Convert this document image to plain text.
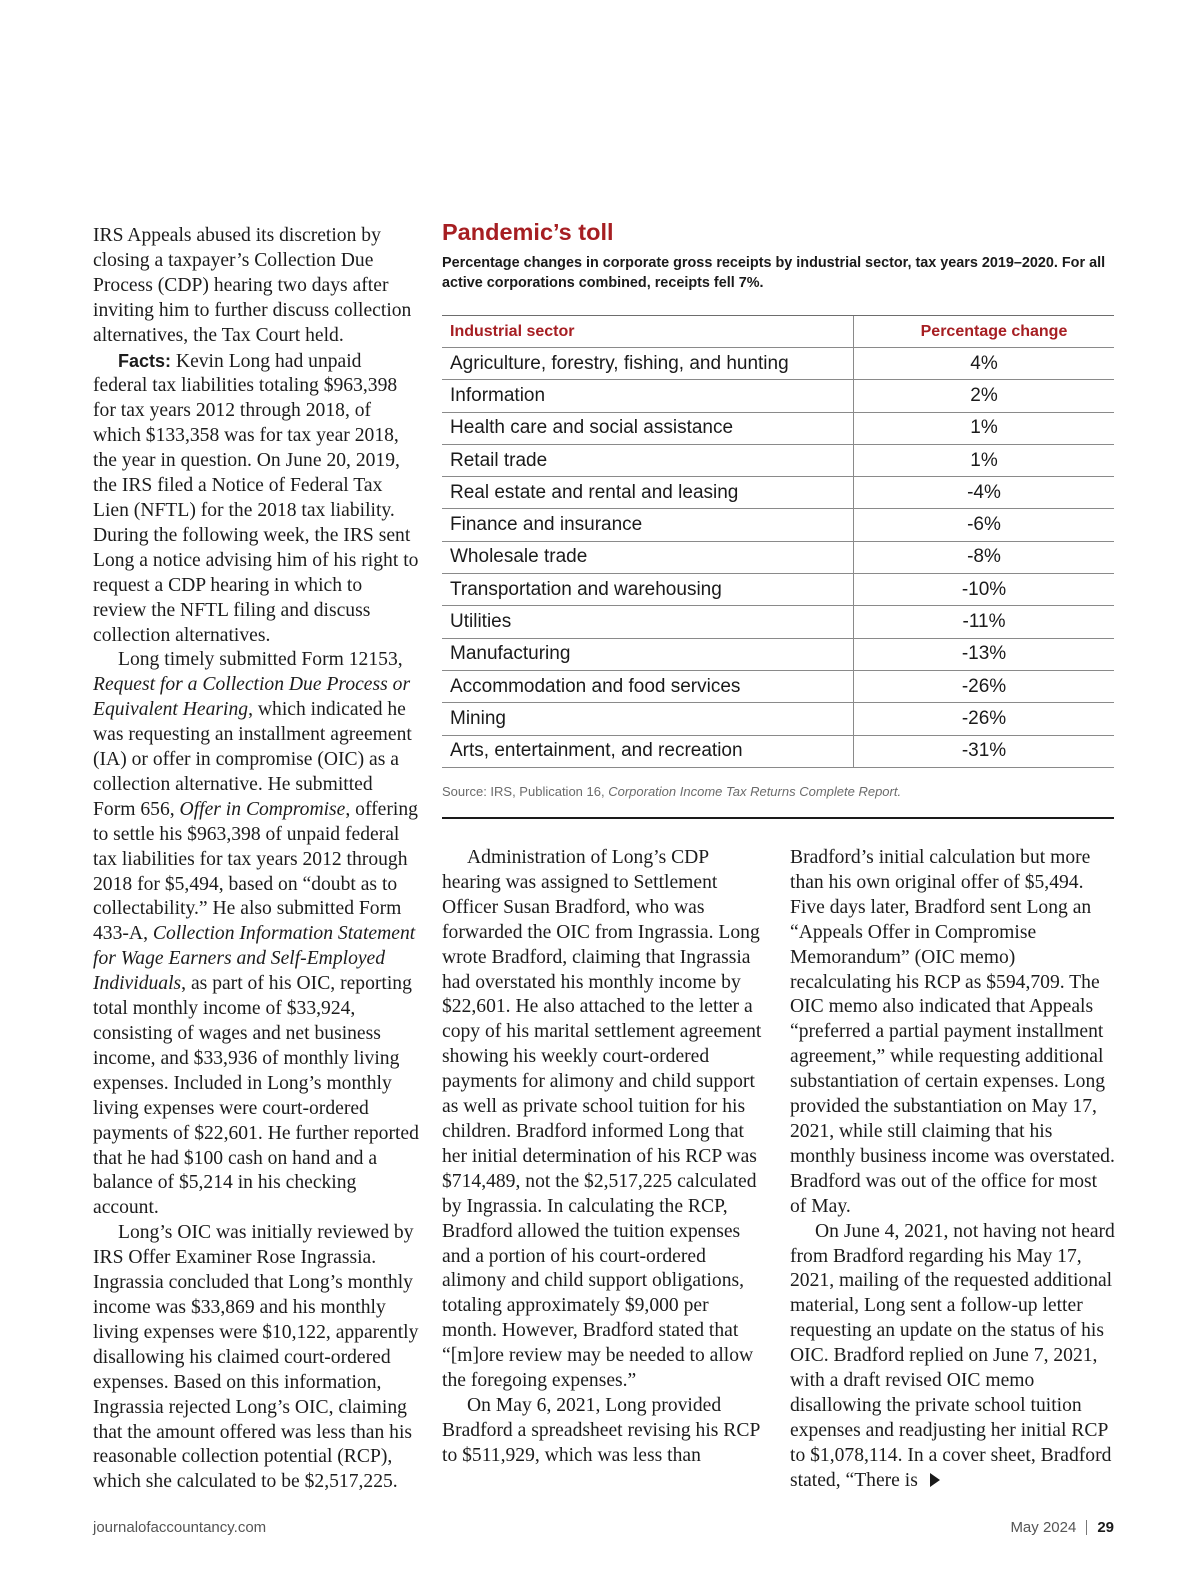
IRS Appeals abused its discretion by closing a taxpayer’s Collection Due Process (CDP) hearing two days after inviting him to further discuss collection alternatives, the Tax Court held.

Facts: Kevin Long had unpaid federal tax liabilities totaling $963,398 for tax years 2012 through 2018, of which $133,358 was for tax year 2018, the year in question. On June 20, 2019, the IRS filed a Notice of Federal Tax Lien (NFTL) for the 2018 tax liability. During the following week, the IRS sent Long a notice advising him of his right to request a CDP hearing in which to review the NFTL filing and discuss collection alternatives.

Long timely submitted Form 12153, Request for a Collection Due Process or Equivalent Hearing, which indicated he was requesting an installment agreement (IA) or offer in compromise (OIC) as a collection alternative. He submitted Form 656, Offer in Compromise, offering to settle his $963,398 of unpaid federal tax liabilities for tax years 2012 through 2018 for $5,494, based on “doubt as to collectability.” He also submitted Form 433-A, Collection Information Statement for Wage Earners and Self-Employed Individuals, as part of his OIC, reporting total monthly income of $33,924, consisting of wages and net business income, and $33,936 of monthly living expenses. Included in Long’s monthly living expenses were court-ordered payments of $22,601. He further reported that he had $100 cash on hand and a balance of $5,214 in his checking account.

Long’s OIC was initially reviewed by IRS Offer Examiner Rose Ingrassia. Ingrassia concluded that Long’s monthly income was $33,869 and his monthly living expenses were $10,122, apparently disallowing his claimed court-ordered expenses. Based on this information, Ingrassia rejected Long’s OIC, claiming that the amount offered was less than his reasonable collection potential (RCP), which she calculated to be $2,517,225.

Pandemic’s toll
Percentage changes in corporate gross receipts by industrial sector, tax years 2019–2020. For all active corporations combined, receipts fell 7%.
Industrial sector	Percentage change
Agriculture, forestry, fishing, and hunting	4%
Information	2%
Health care and social assistance	1%
Retail trade	1%
Real estate and rental and leasing	-4%
Finance and insurance	-6%
Wholesale trade	-8%
Transportation and warehousing	-10%
Utilities	-11%
Manufacturing	-13%
Accommodation and food services	-26%
Mining	-26%
Arts, entertainment, and recreation	-31%
Source: IRS, Publication 16, Corporation Income Tax Returns Complete Report.

Administration of Long’s CDP hearing was assigned to Settlement Officer Susan Bradford, who was forwarded the OIC from Ingrassia. Long wrote Bradford, claiming that Ingrassia had overstated his monthly income by $22,601. He also attached to the letter a copy of his marital settlement agreement showing his weekly court-ordered payments for alimony and child support as well as private school tuition for his children. Bradford informed Long that her initial determination of his RCP was $714,489, not the $2,517,225 calculated by Ingrassia. In calculating the RCP, Bradford allowed the tuition expenses and a portion of his court-ordered alimony and child support obligations, totaling approximately $9,000 per month. However, Bradford stated that “[m]ore review may be needed to allow the foregoing expenses.”

On May 6, 2021, Long provided Bradford a spreadsheet revising his RCP to $511,929, which was less than

Bradford’s initial calculation but more than his own original offer of $5,494. Five days later, Bradford sent Long an “Appeals Offer in Compromise Memorandum” (OIC memo) recalculating his RCP as $594,709. The OIC memo also indicated that Appeals “preferred a partial payment installment agreement,” while requesting additional substantiation of certain expenses. Long provided the substantiation on May 17, 2021, while still claiming that his monthly business income was overstated. Bradford was out of the office for most of May.

On June 4, 2021, not having not heard from Bradford regarding his May 17, 2021, mailing of the requested additional material, Long sent a follow-up letter requesting an update on the status of his OIC. Bradford replied on June 7, 2021, with a draft revised OIC memo disallowing the private school tuition expenses and readjusting her initial RCP to $1,078,114. In a cover sheet, Bradford stated, “There is

journalofaccountancy.com	May 2024 29
